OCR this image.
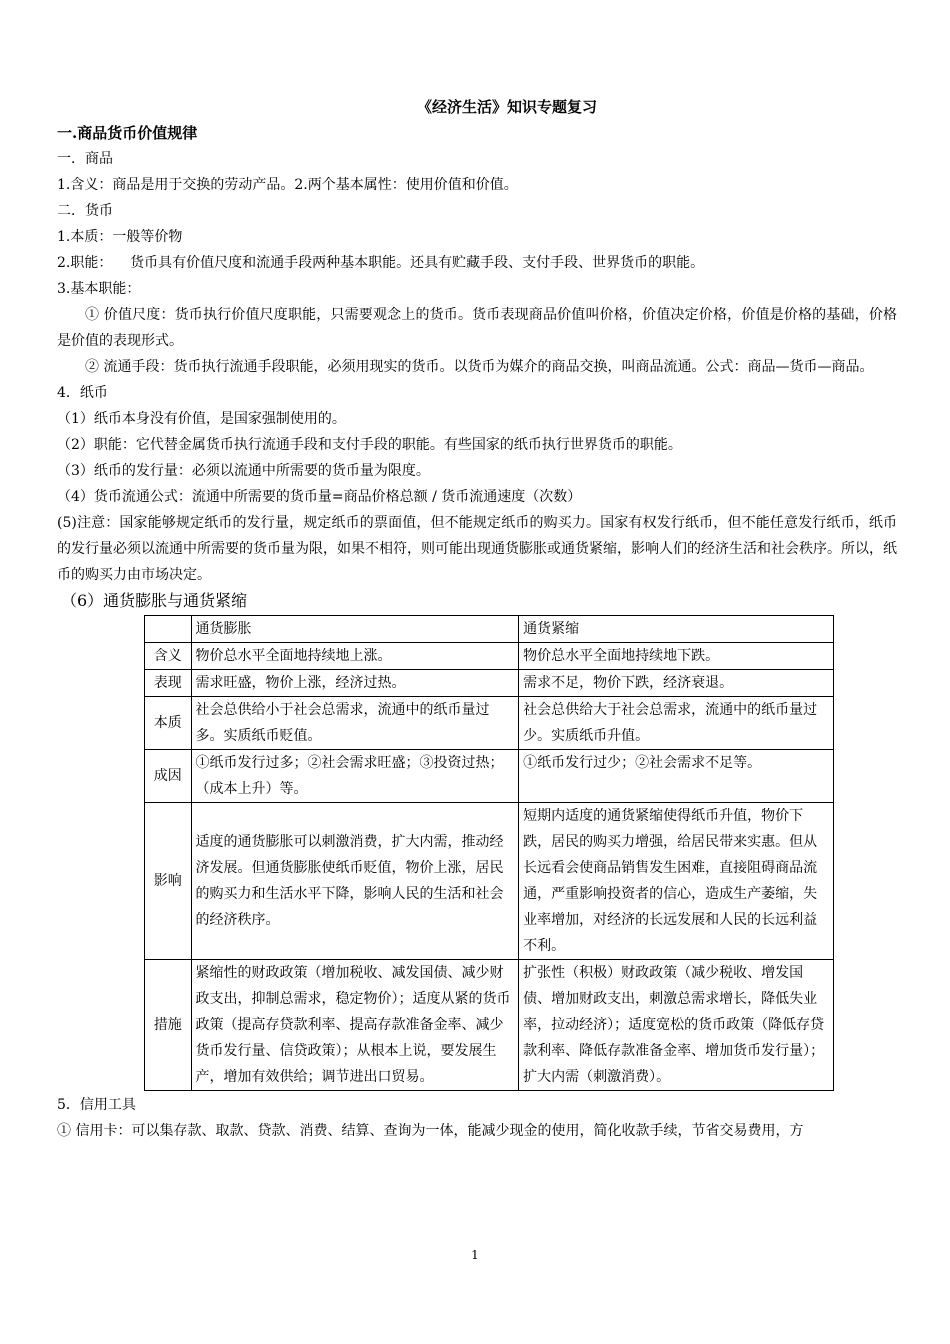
《经济生活》知识专题复习
一.商品货币价值规律
一．商品
1.含义：商品是用于交换的劳动产品。2.两个基本属性：使用价值和价值。
二．货币
1.本质：一般等价物
2.职能：    货币具有价值尺度和流通手段两种基本职能。还具有贮藏手段、支付手段、世界货币的职能。
3.基本职能：
① 价值尺度：货币执行价值尺度职能，只需要观念上的货币。货币表现商品价值叫价格，价值决定价格，价值是价格的基础，价格是价值的表现形式。
② 流通手段：货币执行流通手段职能，必须用现实的货币。以货币为媒介的商品交换，叫商品流通。公式：商品—货币—商品。
4．纸币
（1）纸币本身没有价值，是国家强制使用的。
（2）职能：它代替金属货币执行流通手段和支付手段的职能。有些国家的纸币执行世界货币的职能。
（3）纸币的发行量：必须以流通中所需要的货币量为限度。
（4）货币流通公式：流通中所需要的货币量=商品价格总额 / 货币流通速度（次数）
(5)注意：国家能够规定纸币的发行量，规定纸币的票面值，但不能规定纸币的购买力。国家有权发行纸币，但不能任意发行纸币，纸币的发行量必须以流通中所需要的货币量为限，如果不相符，则可能出现通货膨胀或通货紧缩，影响人们的经济生活和社会秩序。所以，纸币的购买力由市场决定。
（6）通货膨胀与通货紧缩
	通货膨胀	通货紧缩
含义	物价总水平全面地持续地上涨。	物价总水平全面地持续地下跌。
表现	需求旺盛，物价上涨，经济过热。	需求不足，物价下跌，经济衰退。
本质	社会总供给小于社会总需求，流通中的纸币量过多。实质纸币贬值。	社会总供给大于社会总需求，流通中的纸币量过少。实质纸币升值。
成因	①纸币发行过多；②社会需求旺盛；③投资过热；（成本上升）等。	①纸币发行过少；②社会需求不足等。
影响	适度的通货膨胀可以刺激消费，扩大内需，推动经济发展。但通货膨胀使纸币贬值，物价上涨，居民的购买力和生活水平下降，影响人民的生活和社会的经济秩序。	短期内适度的通货紧缩使得纸币升值，物价下跌，居民的购买力增强，给居民带来实惠。但从长远看会使商品销售发生困难，直接阻碍商品流通，严重影响投资者的信心，造成生产萎缩，失业率增加，对经济的长远发展和人民的长远利益不利。
措施	紧缩性的财政政策（增加税收、减发国债、减少财政支出，抑制总需求，稳定物价）；适度从紧的货币政策（提高存贷款利率、提高存款准备金率、减少货币发行量、信贷政策）；从根本上说，要发展生产，增加有效供给；调节进出口贸易。	扩张性（积极）财政政策（减少税收、增发国债、增加财政支出，刺激总需求增长，降低失业率，拉动经济）；适度宽松的货币政策（降低存贷款利率、降低存款准备金率、增加货币发行量）；扩大内需（刺激消费）。
5．信用工具
① 信用卡：可以集存款、取款、贷款、消费、结算、查询为一体，能减少现金的使用，简化收款手续，节省交易费用，方
1
